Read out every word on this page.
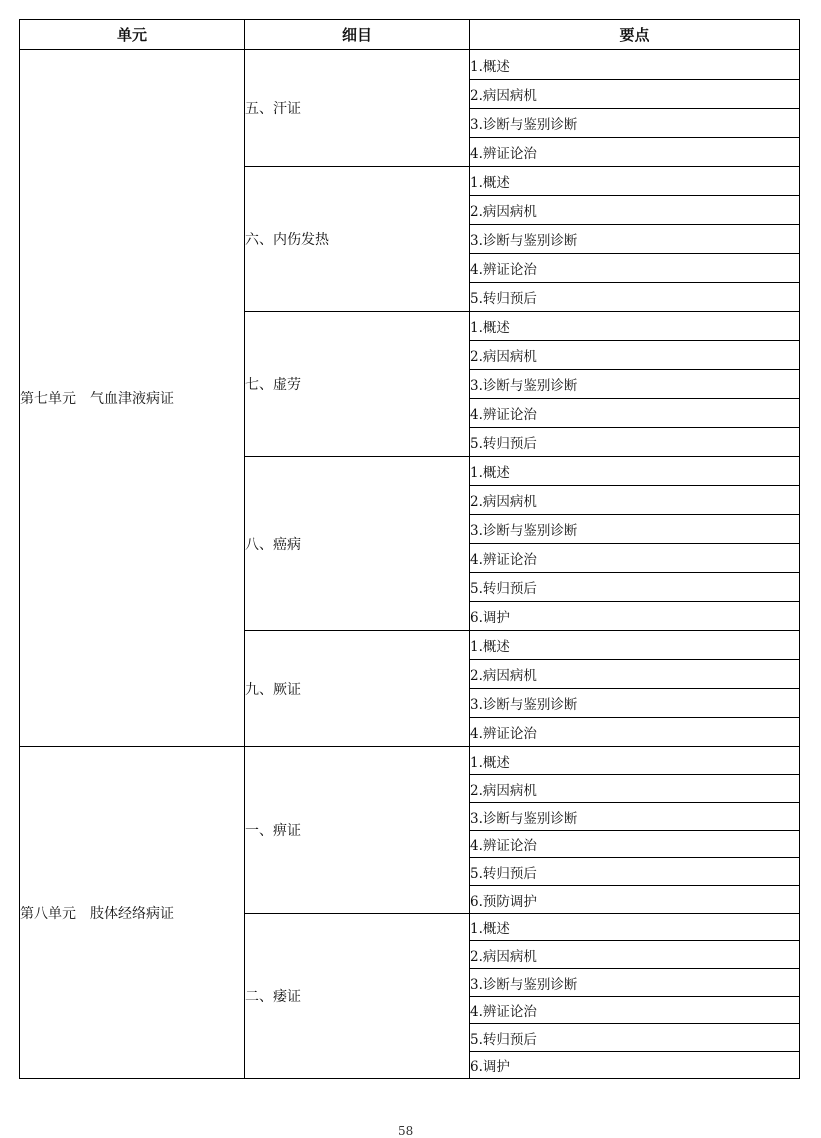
单元	细目	要点
第七单元　气血津液病证	五、汗证	1.概述
		2.病因病机
		3.诊断与鉴别诊断
		4.辨证论治
	六、内伤发热	1.概述
		2.病因病机
		3.诊断与鉴别诊断
		4.辨证论治
		5.转归预后
	七、虚劳	1.概述
		2.病因病机
		3.诊断与鉴别诊断
		4.辨证论治
		5.转归预后
	八、癌病	1.概述
		2.病因病机
		3.诊断与鉴别诊断
		4.辨证论治
		5.转归预后
		6.调护
	九、厥证	1.概述
		2.病因病机
		3.诊断与鉴别诊断
		4.辨证论治
第八单元　肢体经络病证	一、痹证	1.概述
		2.病因病机
		3.诊断与鉴别诊断
		4.辨证论治
		5.转归预后
		6.预防调护
	二、痿证	1.概述
		2.病因病机
		3.诊断与鉴别诊断
		4.辨证论治
		5.转归预后
		6.调护
58
